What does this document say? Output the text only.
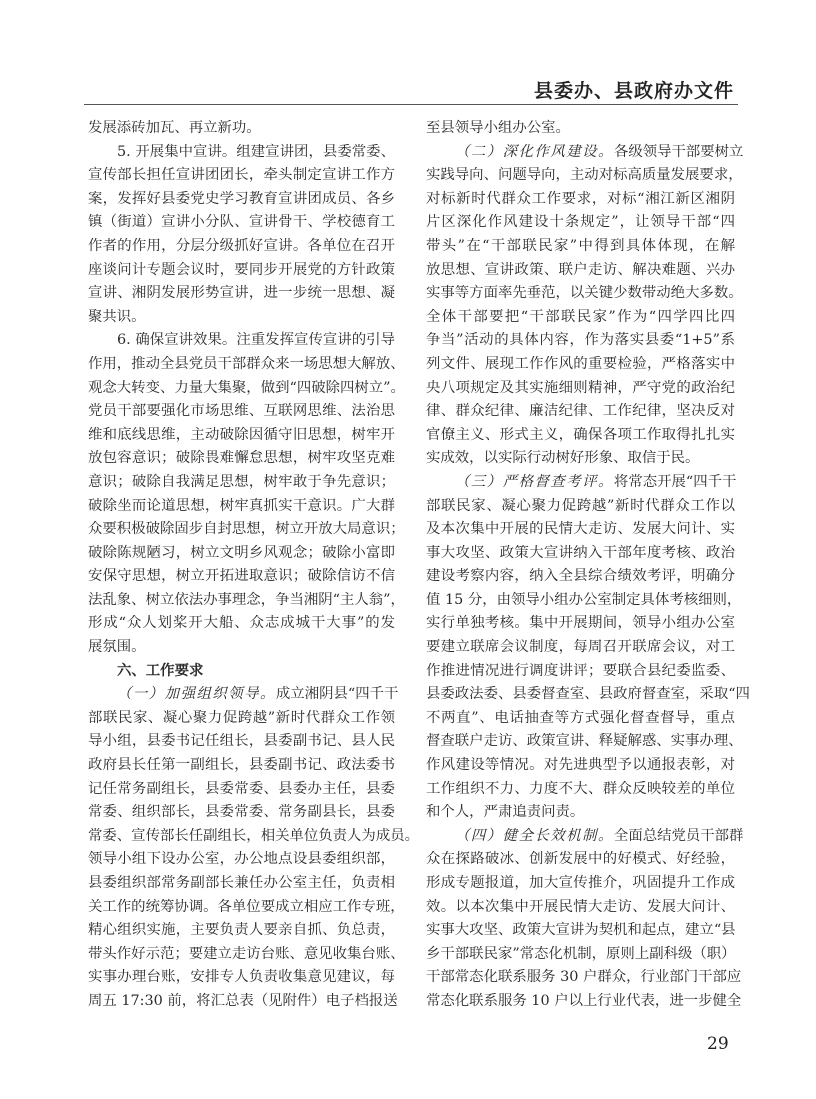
县委办、县政府办文件
发展添砖加瓦、再立新功。
5. 开展集中宣讲。组建宣讲团，县委常委、
宣传部长担任宣讲团团长，牵头制定宣讲工作方
案，发挥好县委党史学习教育宣讲团成员、各乡
镇（街道）宣讲小分队、宣讲骨干、学校德育工
作者的作用，分层分级抓好宣讲。各单位在召开
座谈问计专题会议时，要同步开展党的方针政策
宣讲、湘阴发展形势宣讲，进一步统一思想、凝
聚共识。
6. 确保宣讲效果。注重发挥宣传宣讲的引导
作用，推动全县党员干部群众来一场思想大解放、
观念大转变、力量大集聚，做到“四破除四树立”。
党员干部要强化市场思维、互联网思维、法治思
维和底线思维，主动破除因循守旧思想，树牢开
放包容意识；破除畏难懈怠思想，树牢攻坚克难
意识；破除自我满足思想，树牢敢于争先意识；
破除坐而论道思想，树牢真抓实干意识。广大群
众要积极破除固步自封思想，树立开放大局意识；
破除陈规陋习，树立文明乡风观念；破除小富即
安保守思想，树立开拓进取意识；破除信访不信
法乱象、树立依法办事理念，争当湘阴“主人翁”，
形成“众人划桨开大船、众志成城干大事”的发
展氛围。
六、工作要求
（一）加强组织领导。成立湘阴县“四千干
部联民家、凝心聚力促跨越”新时代群众工作领
导小组，县委书记任组长，县委副书记、县人民
政府县长任第一副组长，县委副书记、政法委书
记任常务副组长，县委常委、县委办主任，县委
常委、组织部长，县委常委、常务副县长，县委
常委、宣传部长任副组长，相关单位负责人为成员。
领导小组下设办公室，办公地点设县委组织部，
县委组织部常务副部长兼任办公室主任，负责相
关工作的统筹协调。各单位要成立相应工作专班，
精心组织实施，主要负责人要亲自抓、负总责，
带头作好示范；要建立走访台账、意见收集台账、
实事办理台账，安排专人负责收集意见建议，每
周五 17:30 前，将汇总表（见附件）电子档报送
至县领导小组办公室。
（二）深化作风建设。各级领导干部要树立
实践导向、问题导向，主动对标高质量发展要求，
对标新时代群众工作要求，对标“湘江新区湘阴
片区深化作风建设十条规定”，让领导干部“四
带头”在“干部联民家”中得到具体体现，在解
放思想、宣讲政策、联户走访、解决难题、兴办
实事等方面率先垂范，以关键少数带动绝大多数。
全体干部要把“干部联民家”作为“四学四比四
争当”活动的具体内容，作为落实县委“1+5”系
列文件、展现工作作风的重要检验，严格落实中
央八项规定及其实施细则精神，严守党的政治纪
律、群众纪律、廉洁纪律、工作纪律，坚决反对
官僚主义、形式主义，确保各项工作取得扎扎实
实成效，以实际行动树好形象、取信于民。
（三）严格督查考评。将常态开展“四千干
部联民家、凝心聚力促跨越”新时代群众工作以
及本次集中开展的民情大走访、发展大问计、实
事大攻坚、政策大宣讲纳入干部年度考核、政治
建设考察内容，纳入全县综合绩效考评，明确分
值 15 分，由领导小组办公室制定具体考核细则，
实行单独考核。集中开展期间，领导小组办公室
要建立联席会议制度，每周召开联席会议，对工
作推进情况进行调度讲评；要联合县纪委监委、
县委政法委、县委督查室、县政府督查室，采取“四
不两直”、电话抽查等方式强化督查督导，重点
督查联户走访、政策宣讲、释疑解惑、实事办理、
作风建设等情况。对先进典型予以通报表彰，对
工作组织不力、力度不大、群众反映较差的单位
和个人，严肃追责问责。
（四）健全长效机制。全面总结党员干部群
众在探路破冰、创新发展中的好模式、好经验，
形成专题报道，加大宣传推介，巩固提升工作成
效。以本次集中开展民情大走访、发展大问计、
实事大攻坚、政策大宣讲为契机和起点，建立“县
乡干部联民家”常态化机制，原则上副科级（职）
干部常态化联系服务 30 户群众，行业部门干部应
常态化联系服务 10 户以上行业代表，进一步健全
29
